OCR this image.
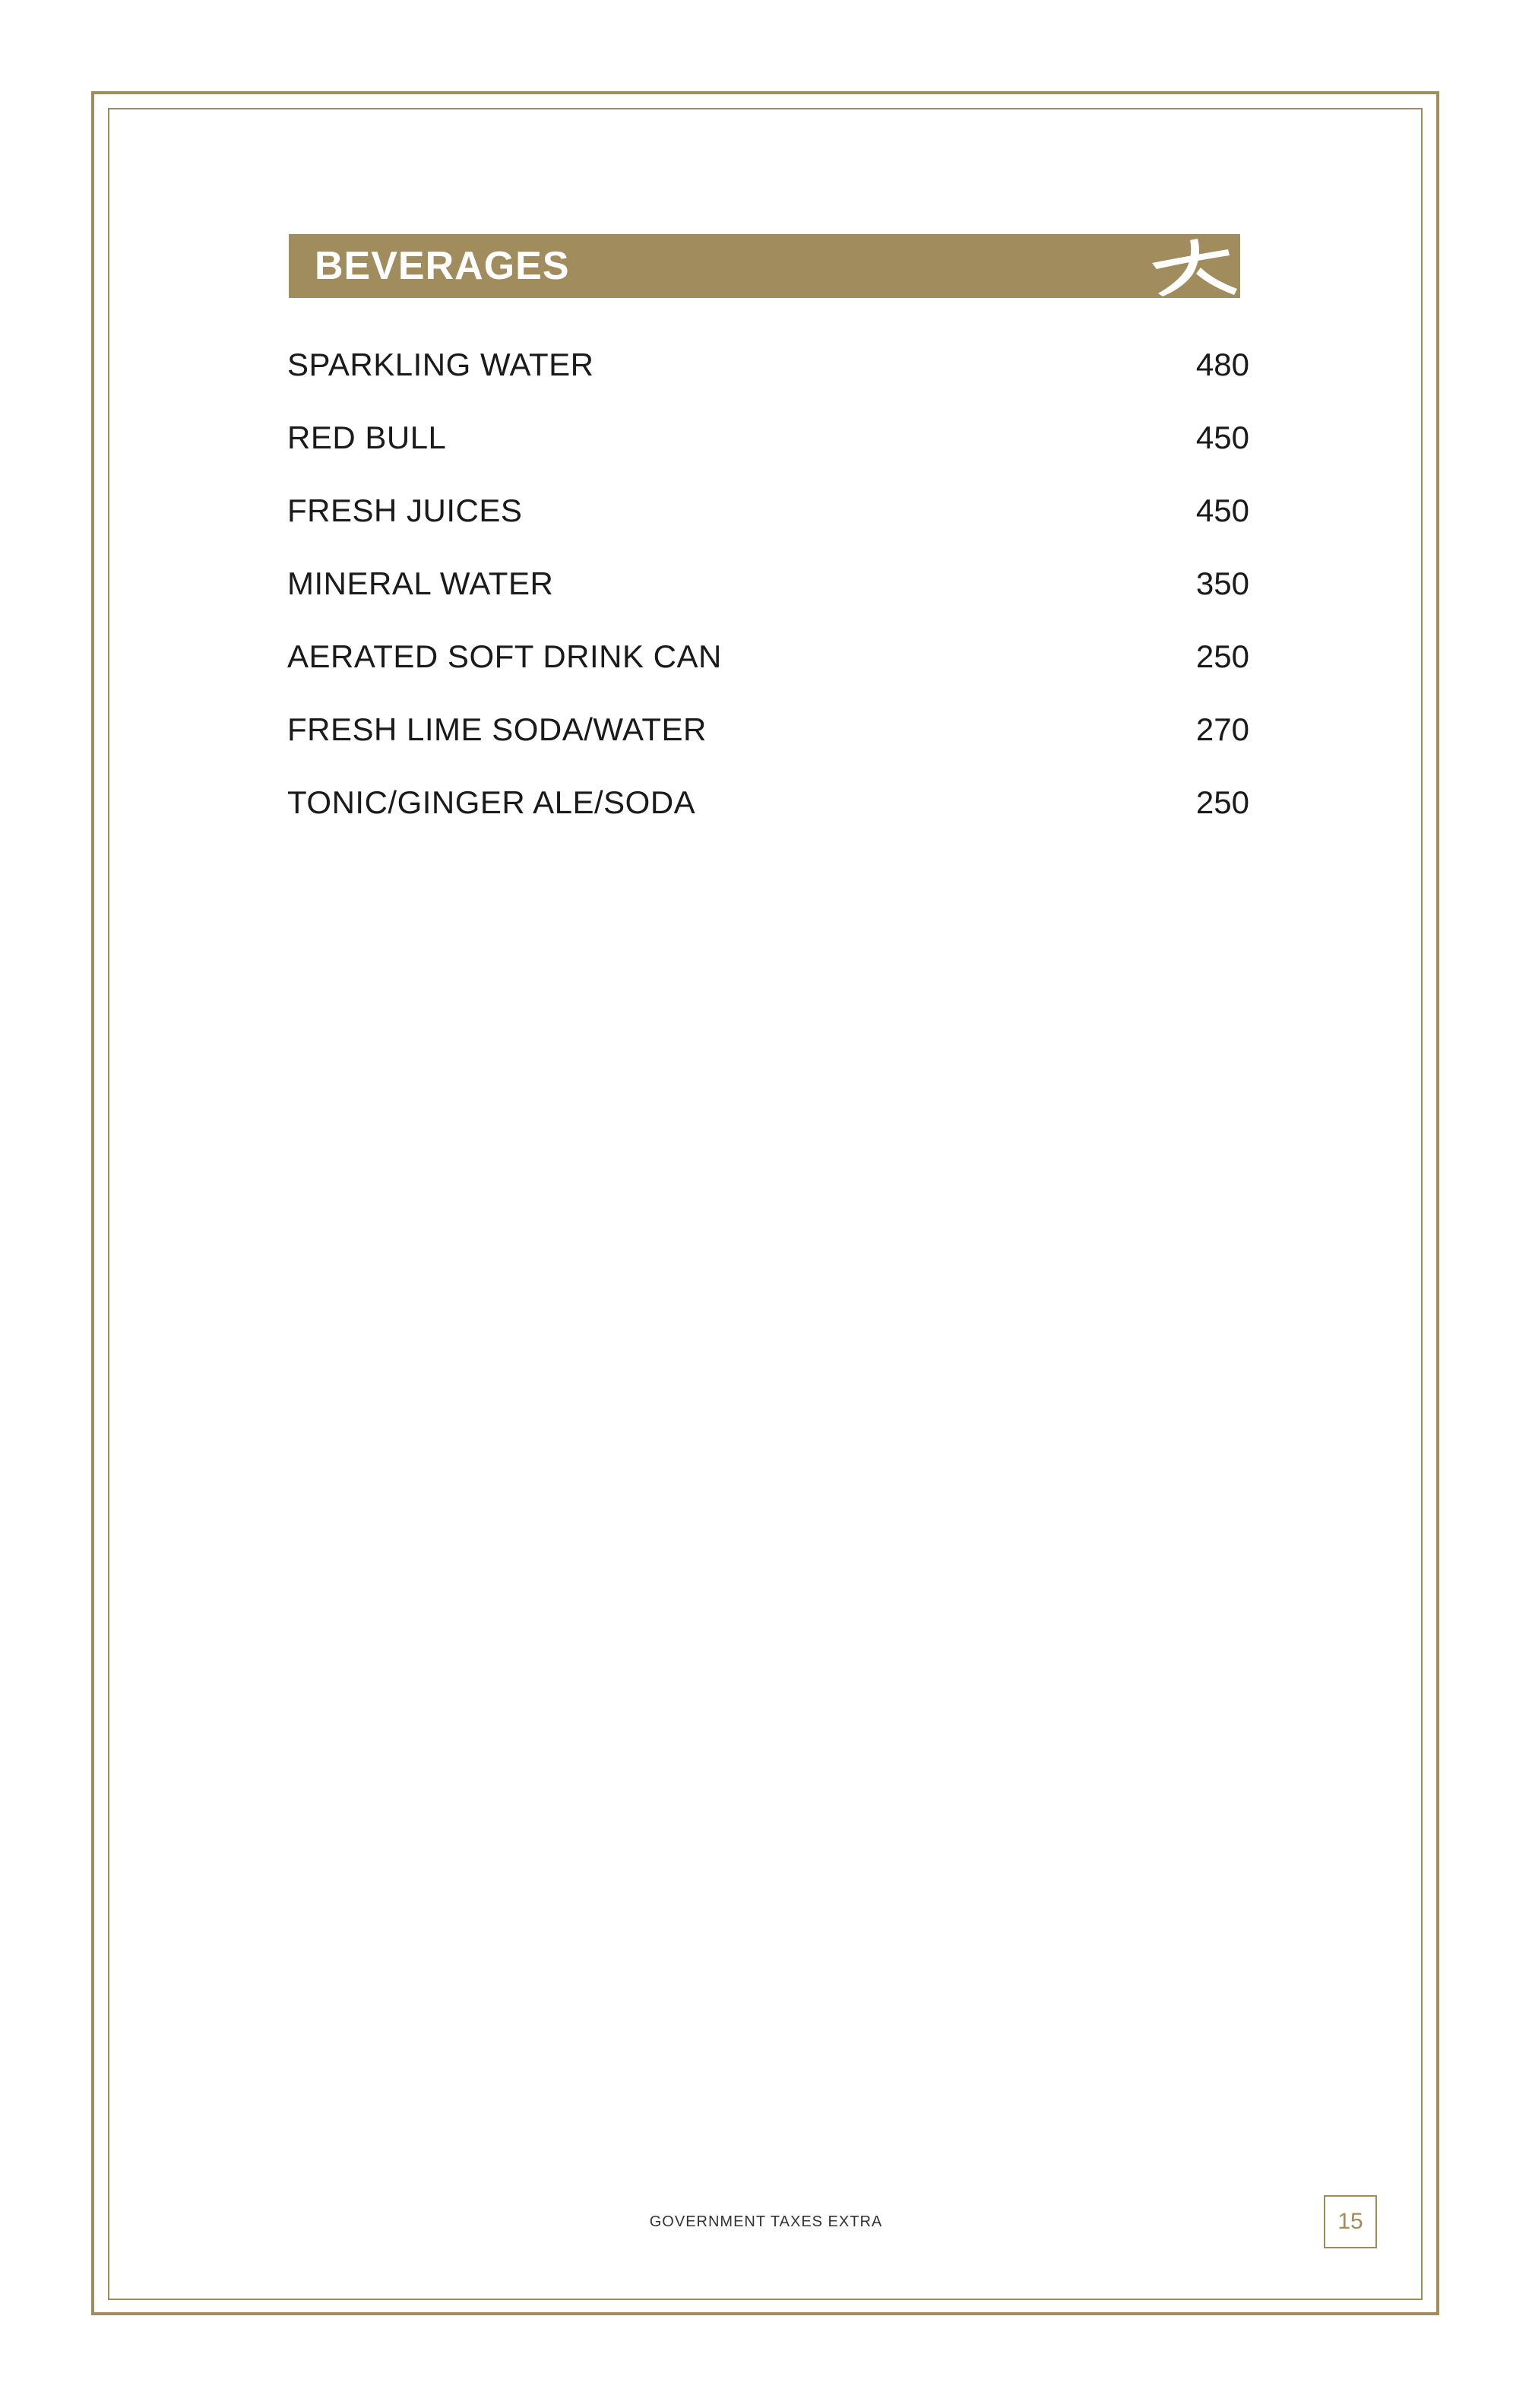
BEVERAGES
SPARKLING WATER	480
RED BULL	450
FRESH JUICES	450
MINERAL WATER	350
AERATED SOFT DRINK CAN	250
FRESH LIME SODA/WATER	270
TONIC/GINGER ALE/SODA	250
GOVERNMENT TAXES EXTRA	15
